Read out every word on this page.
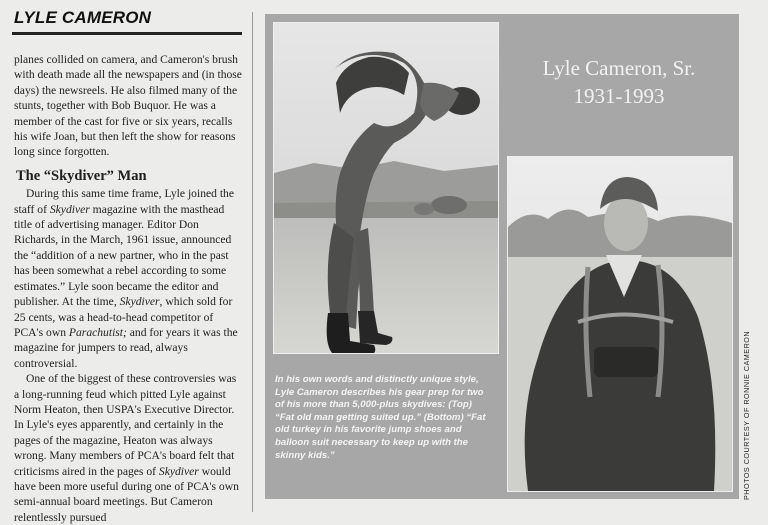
LYLE CAMERON

planes collided on camera, and Cameron's brush with death made all the newspapers and (in those days) the newsreels. He also filmed many of the stunts, together with Bob Buquor. He was a member of the cast for five or six years, recalls his wife Joan, but then left the show for reasons long since forgotten.

The “Skydiver” Man

During this same time frame, Lyle joined the staff of Skydiver magazine with the masthead title of advertising manager. Editor Don Richards, in the March, 1961 issue, announced the “addition of a new partner, who in the past has been somewhat a rebel according to some estimates.” Lyle soon became the editor and publisher. At the time, Skydiver, which sold for 25 cents, was a head-to-head competitor of PCA's own Parachutist; and for years it was the magazine for jumpers to read, always controversial.

One of the biggest of these controversies was a long-running feud which pitted Lyle against Norm Heaton, then USPA's Executive Director. In Lyle's eyes apparently, and certainly in the pages of the magazine, Heaton was always wrong. Many members of PCA's board felt that criticisms aired in the pages of Skydiver would have been more useful during one of PCA's own semi-annual board meetings. But Cameron relentlessly pursued

Lyle Cameron, Sr.
1931-1993
In his own words and distinctly unique style, Lyle Cameron describes his gear prep for two of his more than 5,000-plus skydives: (Top) “Fat old man getting suited up.” (Bottom) “Fat old turkey in his favorite jump shoes and balloon suit necessary to keep up with the skinny kids.”	PHOTOS COURTESY OF RONNIE CAMERON
